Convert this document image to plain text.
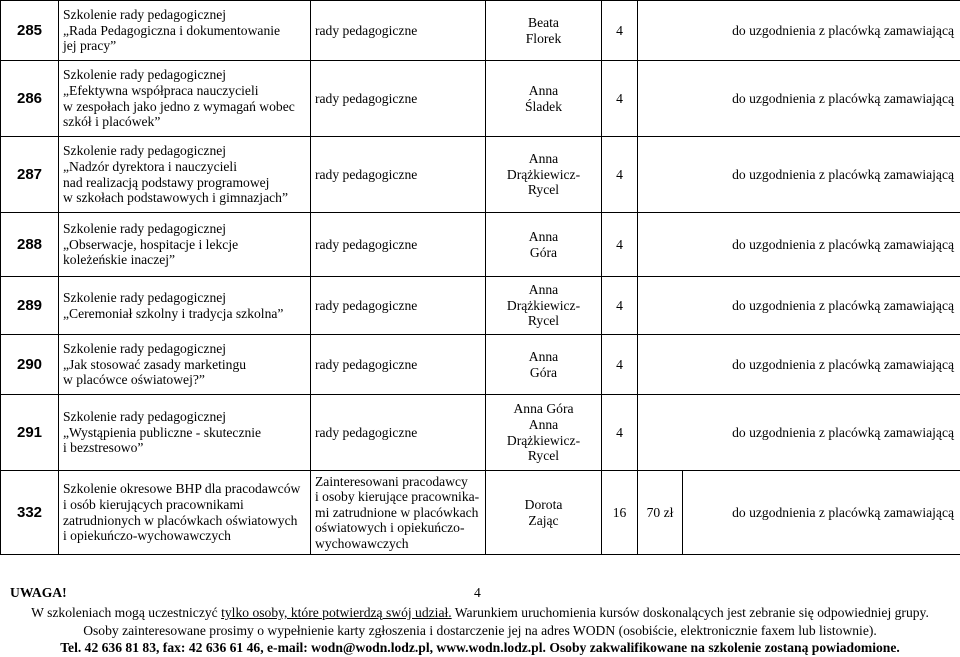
285	Szkolenie rady pedagogicznej
„Rada Pedagogiczna i dokumentowanie
jej pracy”	rady pedagogiczne	Beata
Florek	4	do uzgodnienia z placówką zamawiającą	
286	Szkolenie rady pedagogicznej
„Efektywna współpraca nauczycieli
w zespołach jako jedno z wymagań wobec
szkół i placówek”	rady pedagogiczne	Anna
Śladek	4	do uzgodnienia z placówką zamawiającą	
287	Szkolenie rady pedagogicznej
„Nadzór dyrektora i nauczycieli
nad realizacją podstawy programowej
w szkołach podstawowych i gimnazjach”	rady pedagogiczne	Anna
Drążkiewicz-
Rycel	4	do uzgodnienia z placówką zamawiającą	
288	Szkolenie rady pedagogicznej
„Obserwacje, hospitacje i lekcje
koleżeńskie inaczej”	rady pedagogiczne	Anna
Góra	4	do uzgodnienia z placówką zamawiającą	
289	Szkolenie rady pedagogicznej
„Ceremoniał szkolny i tradycja szkolna”	rady pedagogiczne	Anna
Drążkiewicz-
Rycel	4	do uzgodnienia z placówką zamawiającą	
290	Szkolenie rady pedagogicznej
„Jak stosować zasady marketingu
w placówce oświatowej?”	rady pedagogiczne	Anna
Góra	4	do uzgodnienia z placówką zamawiającą	
291	Szkolenie rady pedagogicznej
„Wystąpienia publiczne - skutecznie
i bezstresowo”	rady pedagogiczne	Anna Góra
Anna
Drążkiewicz-
Rycel	4	do uzgodnienia z placówką zamawiającą	
332	Szkolenie okresowe BHP dla pracodawców
i osób kierujących pracownikami
zatrudnionych w placówkach oświatowych
i opiekuńczo-wychowawczych	Zainteresowani pracodawcy
i osoby kierujące pracownika-
mi zatrudnione w placówkach
oświatowych i opiekuńczo-
wychowawczych	Dorota
Zając	16	70 zł	do uzgodnienia z placówką zamawiającą
UWAGA!	4
W szkoleniach mogą uczestniczyć tylko osoby, które potwierdzą swój udział. Warunkiem uruchomienia kursów doskonalących jest zebranie się odpowiedniej grupy.
Osoby zainteresowane prosimy o wypełnienie karty zgłoszenia i dostarczenie jej na adres WODN (osobiście, elektronicznie faxem lub listownie).
Tel. 42 636 81 83, fax: 42 636 61 46, e-mail: wodn@wodn.lodz.pl, www.wodn.lodz.pl. Osoby zakwalifikowane na szkolenie zostaną powiadomione.
